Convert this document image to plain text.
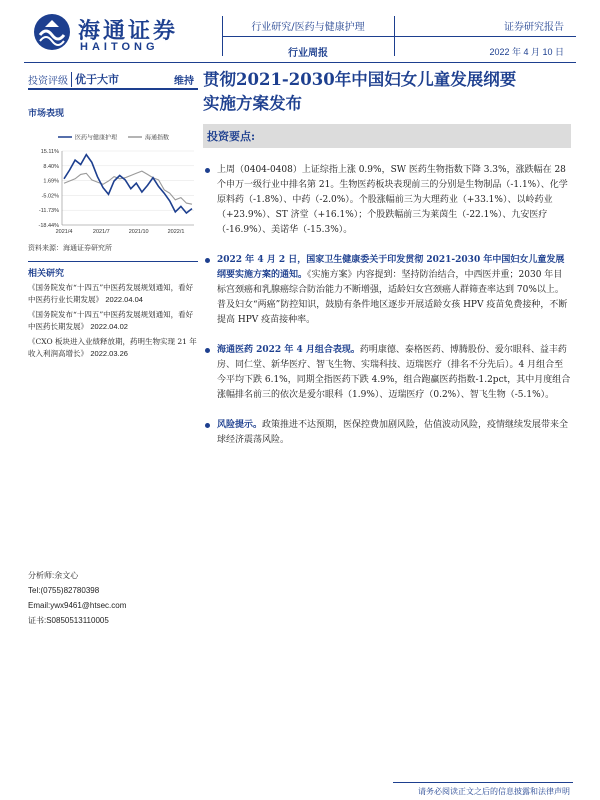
海通证券
HAITONG
行业研究/医药与健康护理
行业周报
证券研究报告
2022 年 4 月 10 日
投资评级 优于大市	维持
市场表现
医药与健康护理	海通指数
15.11%
8.40%
1.69%
-5.02%
-11.73%
-18.44%
2021/4	2021/7	2021/10	2022/1
资料来源：海通证券研究所
相关研究
《国务院发布“十四五”中医药发展规划通知，看好中医药行业长期发展》 2022.04.04
《国务院发布“十四五”中医药发展规划通知，看好中医药长期发展》 2022.04.02
《CXO 板块进入业绩释放期，药明生物实现 21 年收入利润高增长》 2022.03.26
分析师:余文心
Tel:(0755)82780398
Email:ywx9461@htsec.com
证书:S0850513110005
贯彻2021-2030年中国妇女儿童发展纲要
实施方案发布
投资要点:
上周（0404-0408）上证综指上涨 0.9%，SW 医药生物指数下降 3.3%，涨跌幅在 28 个申万一级行业中排名第 21。生物医药板块表现前三的分别是生物制品（-1.1%）、化学原料药（-1.8%）、中药（-2.0%）。个股涨幅前三为大理药业（+33.1%）、以岭药业（+23.9%）、ST 济堂（+16.1%）；个股跌幅前三为莱茵生（-22.1%）、九安医疗（-16.9%）、美诺华（-15.3%）。
2022 年 4 月 2 日，国家卫生健康委关于印发贯彻 2021-2030 年中国妇女儿童发展纲要实施方案的通知。《实施方案》内容提到：坚持防治结合，中西医并重；2030 年目标宫颈癌和乳腺癌综合防治能力不断增强，适龄妇女宫颈癌人群筛查率达到 70%以上。普及妇女“两癌”防控知识，鼓励有条件地区逐步开展适龄女孩 HPV 疫苗免费接种，不断提高 HPV 疫苗接种率。
海通医药 2022 年 4 月组合表现。药明康德、泰格医药、博腾股份、爱尔眼科、益丰药房、同仁堂、新华医疗、智飞生物、实瑞科技、迈瑞医疗（排名不分先后）。4 月组合至今平均下跌 6.1%，同期全指医药下跌 4.9%，组合跑赢医药指数-1.2pct，其中月度组合涨幅排名前三的依次是爱尔眼科（1.9%）、迈瑞医疗（0.2%）、智飞生物（-5.1%）。
风险提示。政策推进不达预期，医保控费加剧风险，估值波动风险，疫情继续发展带来全球经济震荡风险。
请务必阅读正文之后的信息披露和法律声明
